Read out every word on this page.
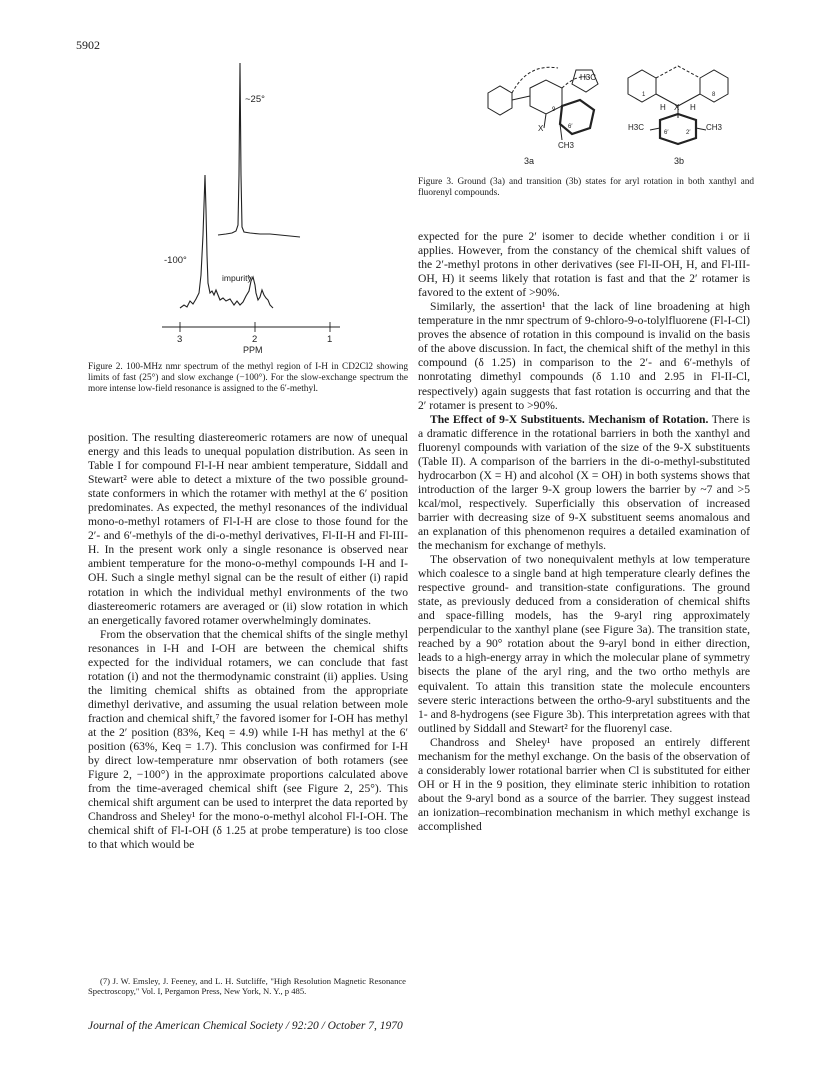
5902
~25°
-100°
impurity
3	2	1
PPM
Figure 2. 100-MHz nmr spectrum of the methyl region of I-H in CD2Cl2 showing limits of fast (25°) and slow exchange (−100°). For the slow-exchange spectrum the more intense low-field resonance is assigned to the 6′-methyl.
H3C
X
CH3
9
6′
3a
H	H
X
H3C	CH3
6′	2′
1	8
3b
Figure 3. Ground (3a) and transition (3b) states for aryl rotation in both xanthyl and fluorenyl compounds.

position. The resulting diastereomeric rotamers are now of unequal energy and this leads to unequal population distribution. As seen in Table I for compound Fl-I-H near ambient temperature, Siddall and Stewart² were able to detect a mixture of the two possible ground-state conformers in which the rotamer with methyl at the 6′ position predominates. As expected, the methyl resonances of the individual mono-o-methyl rotamers of Fl-I-H are close to those found for the 2′- and 6′-methyls of the di-o-methyl derivatives, Fl-II-H and Fl-III-H. In the present work only a single resonance is observed near ambient temperature for the mono-o-methyl compounds I-H and I-OH. Such a single methyl signal can be the result of either (i) rapid rotation in which the individual methyl environments of the two diastereomeric rotamers are averaged or (ii) slow rotation in which an energetically favored rotamer overwhelmingly dominates.

From the observation that the chemical shifts of the single methyl resonances in I-H and I-OH are between the chemical shifts expected for the individual rotamers, we can conclude that fast rotation (i) and not the thermodynamic constraint (ii) applies. Using the limiting chemical shifts as obtained from the appropriate dimethyl derivative, and assuming the usual relation between mole fraction and chemical shift,⁷ the favored isomer for I-OH has methyl at the 2′ position (83%, Keq = 4.9) while I-H has methyl at the 6′ position (63%, Keq = 1.7). This conclusion was confirmed for I-H by direct low-temperature nmr observation of both rotamers (see Figure 2, −100°) in the approximate proportions calculated above from the time-averaged chemical shift (see Figure 2, 25°). This chemical shift argument can be used to interpret the data reported by Chandross and Sheley¹ for the mono-o-methyl alcohol Fl-I-OH. The chemical shift of Fl-I-OH (δ 1.25 at probe temperature) is too close to that which would be

(7) J. W. Emsley, J. Feeney, and L. H. Sutcliffe, "High Resolution Magnetic Resonance Spectroscopy," Vol. I, Pergamon Press, New York, N. Y., p 485.

expected for the pure 2′ isomer to decide whether condition i or ii applies. However, from the constancy of the chemical shift values of the 2′-methyl protons in other derivatives (see Fl-II-OH, H, and Fl-III-OH, H) it seems likely that rotation is fast and that the 2′ rotamer is favored to the extent of >90%.

Similarly, the assertion¹ that the lack of line broadening at high temperature in the nmr spectrum of 9-chloro-9-o-tolylfluorene (Fl-I-Cl) proves the absence of rotation in this compound is invalid on the basis of the above discussion. In fact, the chemical shift of the methyl in this compound (δ 1.25) in comparison to the 2′- and 6′-methyls of nonrotating dimethyl compounds (δ 1.10 and 2.95 in Fl-II-Cl, respectively) again suggests that fast rotation is occurring and that the 2′ rotamer is present to >90%.

The Effect of 9-X Substituents. Mechanism of Rotation. There is a dramatic difference in the rotational barriers in both the xanthyl and fluorenyl compounds with variation of the size of the 9-X substituents (Table II). A comparison of the barriers in the di-o-methyl-substituted hydrocarbon (X = H) and alcohol (X = OH) in both systems shows that introduction of the larger 9-X group lowers the barrier by ~7 and >5 kcal/mol, respectively. Superficially this observation of increased barrier with decreasing size of 9-X substituent seems anomalous and an explanation of this phenomenon requires a detailed examination of the mechanism for exchange of methyls.

The observation of two nonequivalent methyls at low temperature which coalesce to a single band at high temperature clearly defines the respective ground- and transition-state configurations. The ground state, as previously deduced from a consideration of chemical shifts and space-filling models, has the 9-aryl ring approximately perpendicular to the xanthyl plane (see Figure 3a). The transition state, reached by a 90° rotation about the 9-aryl bond in either direction, leads to a high-energy array in which the molecular plane of symmetry bisects the plane of the aryl ring, and the two ortho methyls are equivalent. To attain this transition state the molecule encounters severe steric interactions between the ortho-9-aryl substituents and the 1- and 8-hydrogens (see Figure 3b). This interpretation agrees with that outlined by Siddall and Stewart² for the fluorenyl case.

Chandross and Sheley¹ have proposed an entirely different mechanism for the methyl exchange. On the basis of the observation of a considerably lower rotational barrier when Cl is substituted for either OH or H in the 9 position, they eliminate steric inhibition to rotation about the 9-aryl bond as a source of the barrier. They suggest instead an ionization–recombination mechanism in which methyl exchange is accomplished

Journal of the American Chemical Society / 92:20 / October 7, 1970
